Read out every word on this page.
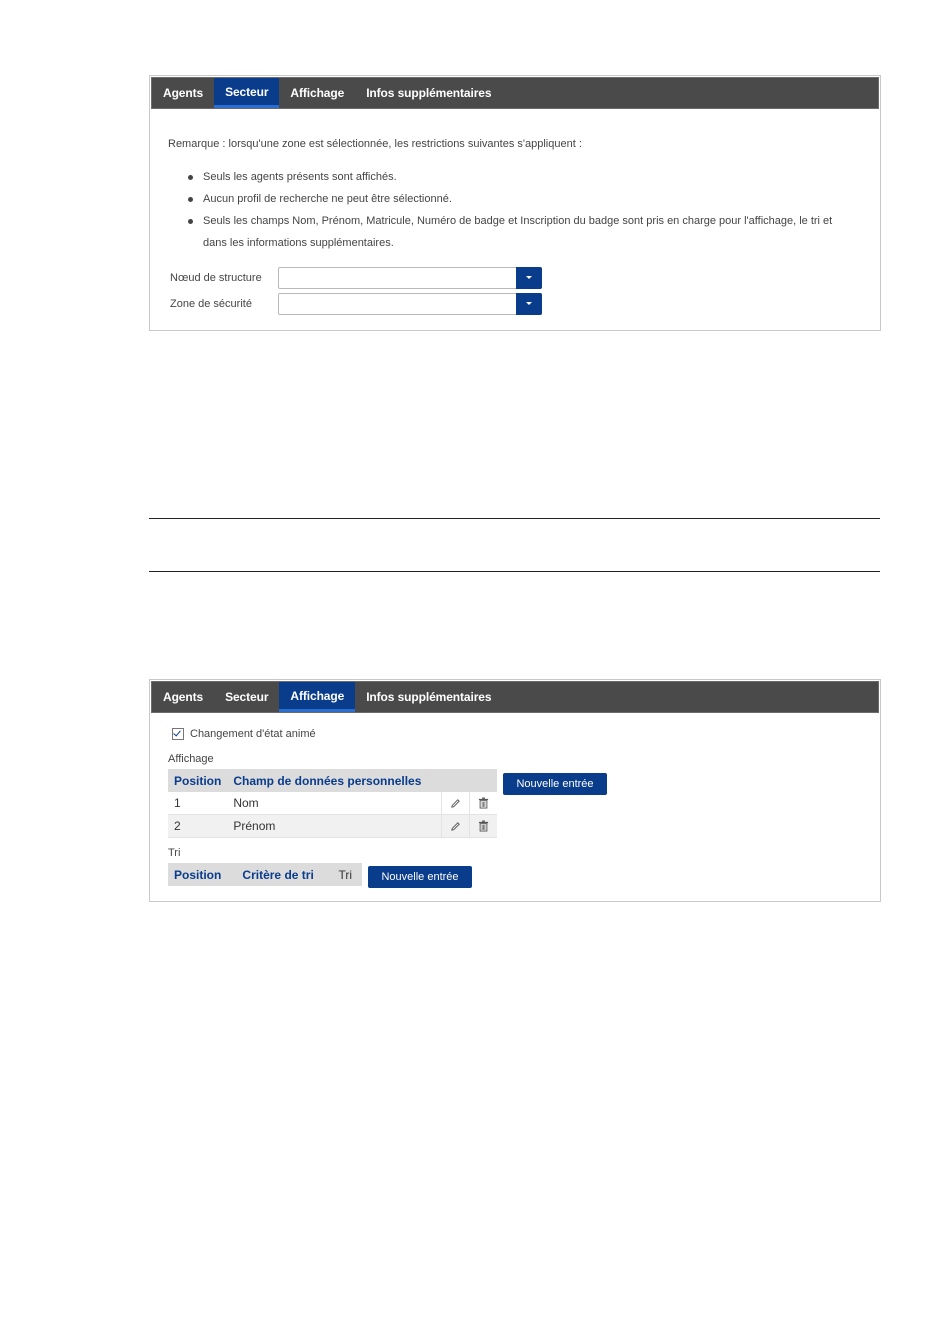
Agents	Secteur	Affichage	Infos supplémentaires
Remarque : lorsqu'une zone est sélectionnée, les restrictions suivantes s'appliquent :
Seuls les agents présents sont affichés.
Aucun profil de recherche ne peut être sélectionné.
Seuls les champs Nom, Prénom, Matricule, Numéro de badge et Inscription du badge sont pris en charge pour l'affichage, le tri et dans les informations supplémentaires.
Nœud de structure
Zone de sécurité
Agents	Secteur	Affichage	Infos supplémentaires
Changement d'état animé
Affichage
Position	Champ de données personnelles		
1	Nom	

2	Prénom	

Nouvelle entrée
Tri
Position	Critère de tri	Tri	Nouvelle entrée
